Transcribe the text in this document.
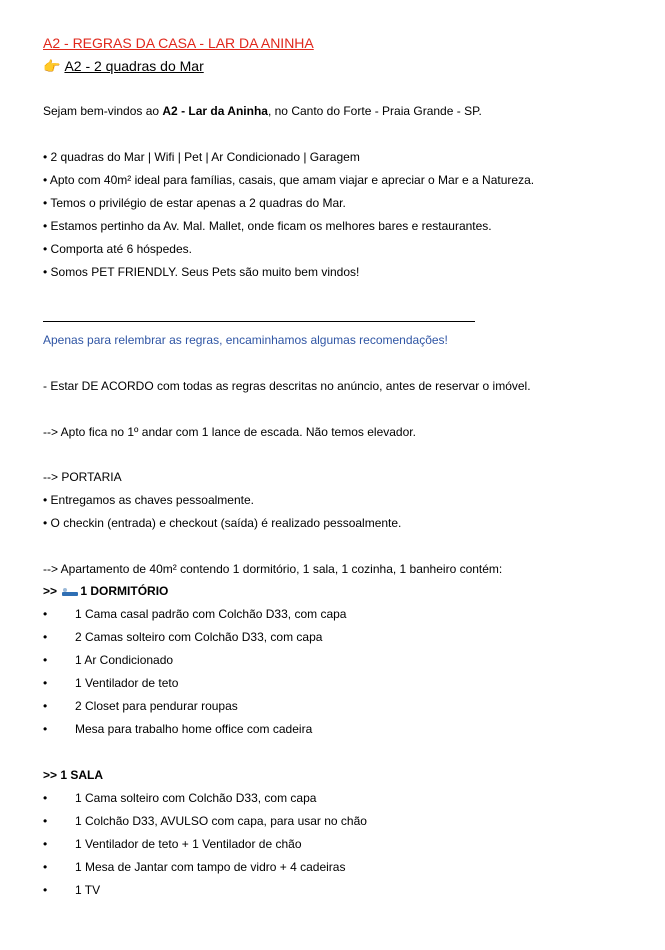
A2 - REGRAS DA CASA - LAR DA ANINHA
👉 A2 - 2 quadras do Mar
Sejam bem-vindos ao A2 - Lar da Aninha, no Canto do Forte - Praia Grande - SP.
• 2 quadras do Mar | Wifi | Pet | Ar Condicionado | Garagem
• Apto com 40m² ideal para famílias, casais, que amam viajar e apreciar o Mar e a Natureza.
• Temos o privilégio de estar apenas a 2 quadras do Mar.
• Estamos pertinho da Av. Mal. Mallet, onde ficam os melhores bares e restaurantes.
• Comporta até 6 hóspedes.
• Somos PET FRIENDLY. Seus Pets são muito bem vindos!
Apenas para relembrar as regras, encaminhamos algumas recomendações!
- Estar DE ACORDO com todas as regras descritas no anúncio, antes de reservar o imóvel.
--> Apto fica no 1º andar com 1 lance de escada. Não temos elevador.
--> PORTARIA
• Entregamos as chaves pessoalmente.
• O checkin (entrada) e checkout (saída) é realizado pessoalmente.
--> Apartamento de 40m² contendo 1 dormitório, 1 sala, 1 cozinha, 1 banheiro contém:
>> 1 DORMITÓRIO
• 1 Cama casal padrão com Colchão D33, com capa
• 2 Camas solteiro com Colchão D33, com capa
• 1 Ar Condicionado
• 1 Ventilador de teto
• 2 Closet para pendurar roupas
• Mesa para trabalho home office com cadeira
>> 1 SALA
• 1 Cama solteiro com Colchão D33, com capa
• 1 Colchão D33, AVULSO com capa, para usar no chão
• 1 Ventilador de teto + 1 Ventilador de chão
• 1 Mesa de Jantar com tampo de vidro + 4 cadeiras
• 1 TV
